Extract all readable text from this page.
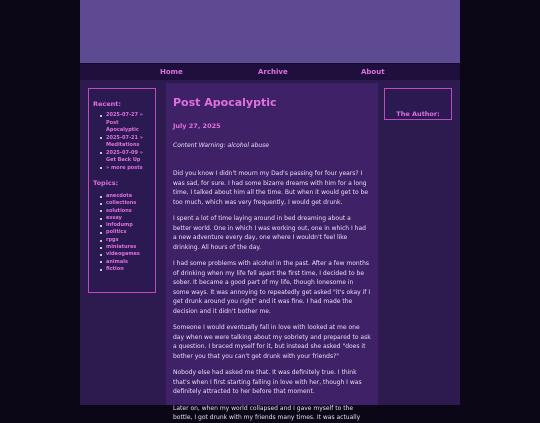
Home	Archive	About
Recent:
2025-07-27 »
Post Apocalyptic
2025-07-21 »
Meditations
2025-07-09 »
Get Back Up
» more posts
Topics:
anecdote
collections
solutions
essay
infodump
politics
rpgs
miniatures
videogames
animals
fiction
Post Apocalyptic
July 27, 2025
Content Warning: alcohol abuse

Did you know I didn't mourn my Dad's passing for four years? I was sad, for sure. I had some bizarre dreams with him for a long time, I talked about him all the time. But when it would get to be too much, which was very frequently, I would get drunk.

I spent a lot of time laying around in bed dreaming about a better world. One in which I was working out, one in which I had a new adventure every day, one where I wouldn't feel like drinking. All hours of the day.

I had some problems with alcohol in the past. After a few months of drinking when my life fell apart the first time, I decided to be sober. It became a good part of my life, though lonesome in some ways. It was annoying to repeatedly get asked "it's okay if I get drunk around you right" and it was fine. I had made the decision and it didn't bother me.

Someone I would eventually fall in love with looked at me one day when we were talking about my sobriety and prepared to ask a question. I braced myself for it, but instead she asked "does it bother you that you can't get drunk with your friends?"

Nobody else had asked me that. It was definitely true. I think that's when I first starting falling in love with her, though I was definitely attracted to her before that moment.

Later on, when my world collapsed and I gave myself to the bottle, I got drunk with my friends many times. It was actually

The Author:
